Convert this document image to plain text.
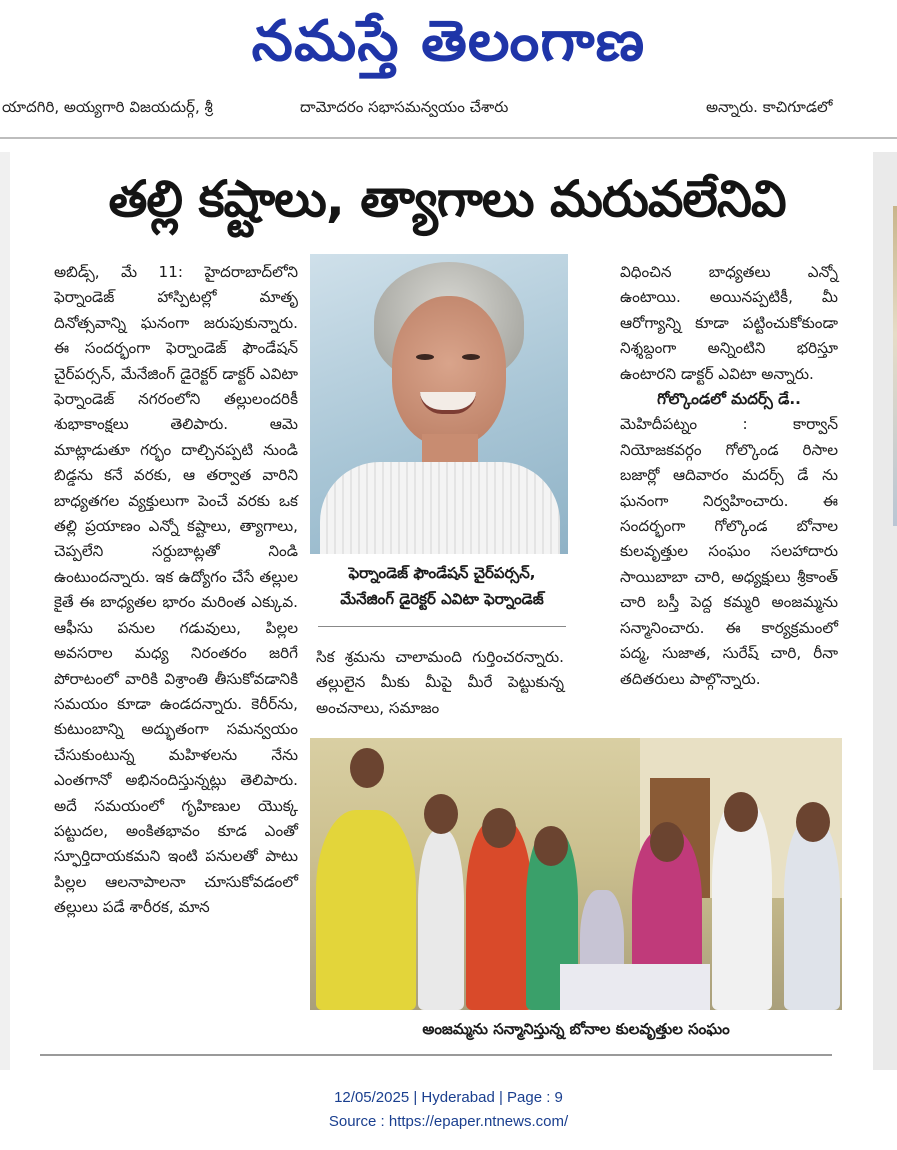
నమస్తే తెలంగాణ
యాదగిరి, అయ్యగారి విజయదుర్గ్, శ్రీ	దామోదరం సభాసమన్వయం చేశారు	అన్నారు. కాచిగూడలో
తల్లి కష్టాలు, త్యాగాలు మరువలేనివి

అబిడ్స్, మే 11: హైదరాబాద్‌లోని ఫెర్నాండెజ్ హాస్పిటల్లో మాతృ దినోత్సవాన్ని ఘనంగా జరుపుకున్నారు. ఈ సందర్భంగా ఫెర్నాండెజ్ ఫౌండేషన్ చైర్‌పర్సన్, మేనేజింగ్ డైరెక్టర్ డాక్టర్ ఎవిటా ఫెర్నాండెజ్ నగరంలోని తల్లులందరికీ శుభాకాంక్షలు తెలిపారు. ఆమె మాట్లాడుతూ గర్భం దాల్చినప్పటి నుండి బిడ్డను కనే వరకు, ఆ తర్వాత వారిని బాధ్యతగల వ్యక్తులుగా పెంచే వరకు ఒక తల్లి ప్రయాణం ఎన్నో కష్టాలు, త్యాగాలు, చెప్పలేని సర్దుబాట్లతో నిండి ఉంటుందన్నారు. ఇక ఉద్యోగం చేసే తల్లుల కైతే ఈ బాధ్యతల భారం మరింత ఎక్కువ. ఆఫీసు పనుల గడువులు, పిల్లల అవసరాల మధ్య నిరంతరం జరిగే పోరాటంలో వారికి విశ్రాంతి తీసుకోవడానికి సమయం కూడా ఉండదన్నారు. కెరీర్‌ను, కుటుంబాన్ని అద్భుతంగా సమన్వయం చేసుకుంటున్న మహిళలను నేను ఎంతగానో అభినందిస్తున్నట్లు తెలిపారు. అదే సమయంలో గృహిణుల యొక్క పట్టుదల, అంకితభావం కూడ ఎంతో స్ఫూర్తిదాయకమని ఇంటి పనులతో పాటు పిల్లల ఆలనాపాలనా చూసుకోవడంలో తల్లులు పడే శారీరక, మాన

ఫెర్నాండెజ్ ఫౌండేషన్ చైర్‌పర్సన్,
మేనేజింగ్ డైరెక్టర్ ఎవిటా ఫెర్నాండెజ్

సిక శ్రమను చాలామంది గుర్తించరన్నారు. తల్లులైన మీకు మీపై మీరే పెట్టుకున్న అంచనాలు, సమాజం

విధించిన బాధ్యతలు ఎన్నో ఉంటాయి. అయినప్పటికీ, మీ ఆరోగ్యాన్ని కూడా పట్టించుకోకుండా నిశ్శబ్దంగా అన్నింటిని భరిస్తూ ఉంటారని డాక్టర్ ఎవిటా అన్నారు.

గోల్కొండలో మదర్స్ డే..

మెహిదీపట్నం : కార్వాన్ నియోజకవర్గం గోల్కొండ రిసాల బజార్లో ఆదివారం మదర్స్ డే ను ఘనంగా నిర్వహించారు. ఈ సందర్భంగా గోల్కొండ బోనాల కులవృత్తుల సంఘం సలహాదారు సాయిబాబా చారి, అధ్యక్షులు శ్రీకాంత్ చారి బస్తీ పెద్ద కమ్మరి అంజమ్మను సన్మానించారు. ఈ కార్యక్రమంలో పద్మ, సుజాత, సురేష్ చారి, రీనా తదితరులు పాల్గొన్నారు.

అంజమ్మను సన్మానిస్తున్న బోనాల కులవృత్తుల సంఘం
12/05/2025 | Hyderabad | Page : 9
Source : https://epaper.ntnews.com/
